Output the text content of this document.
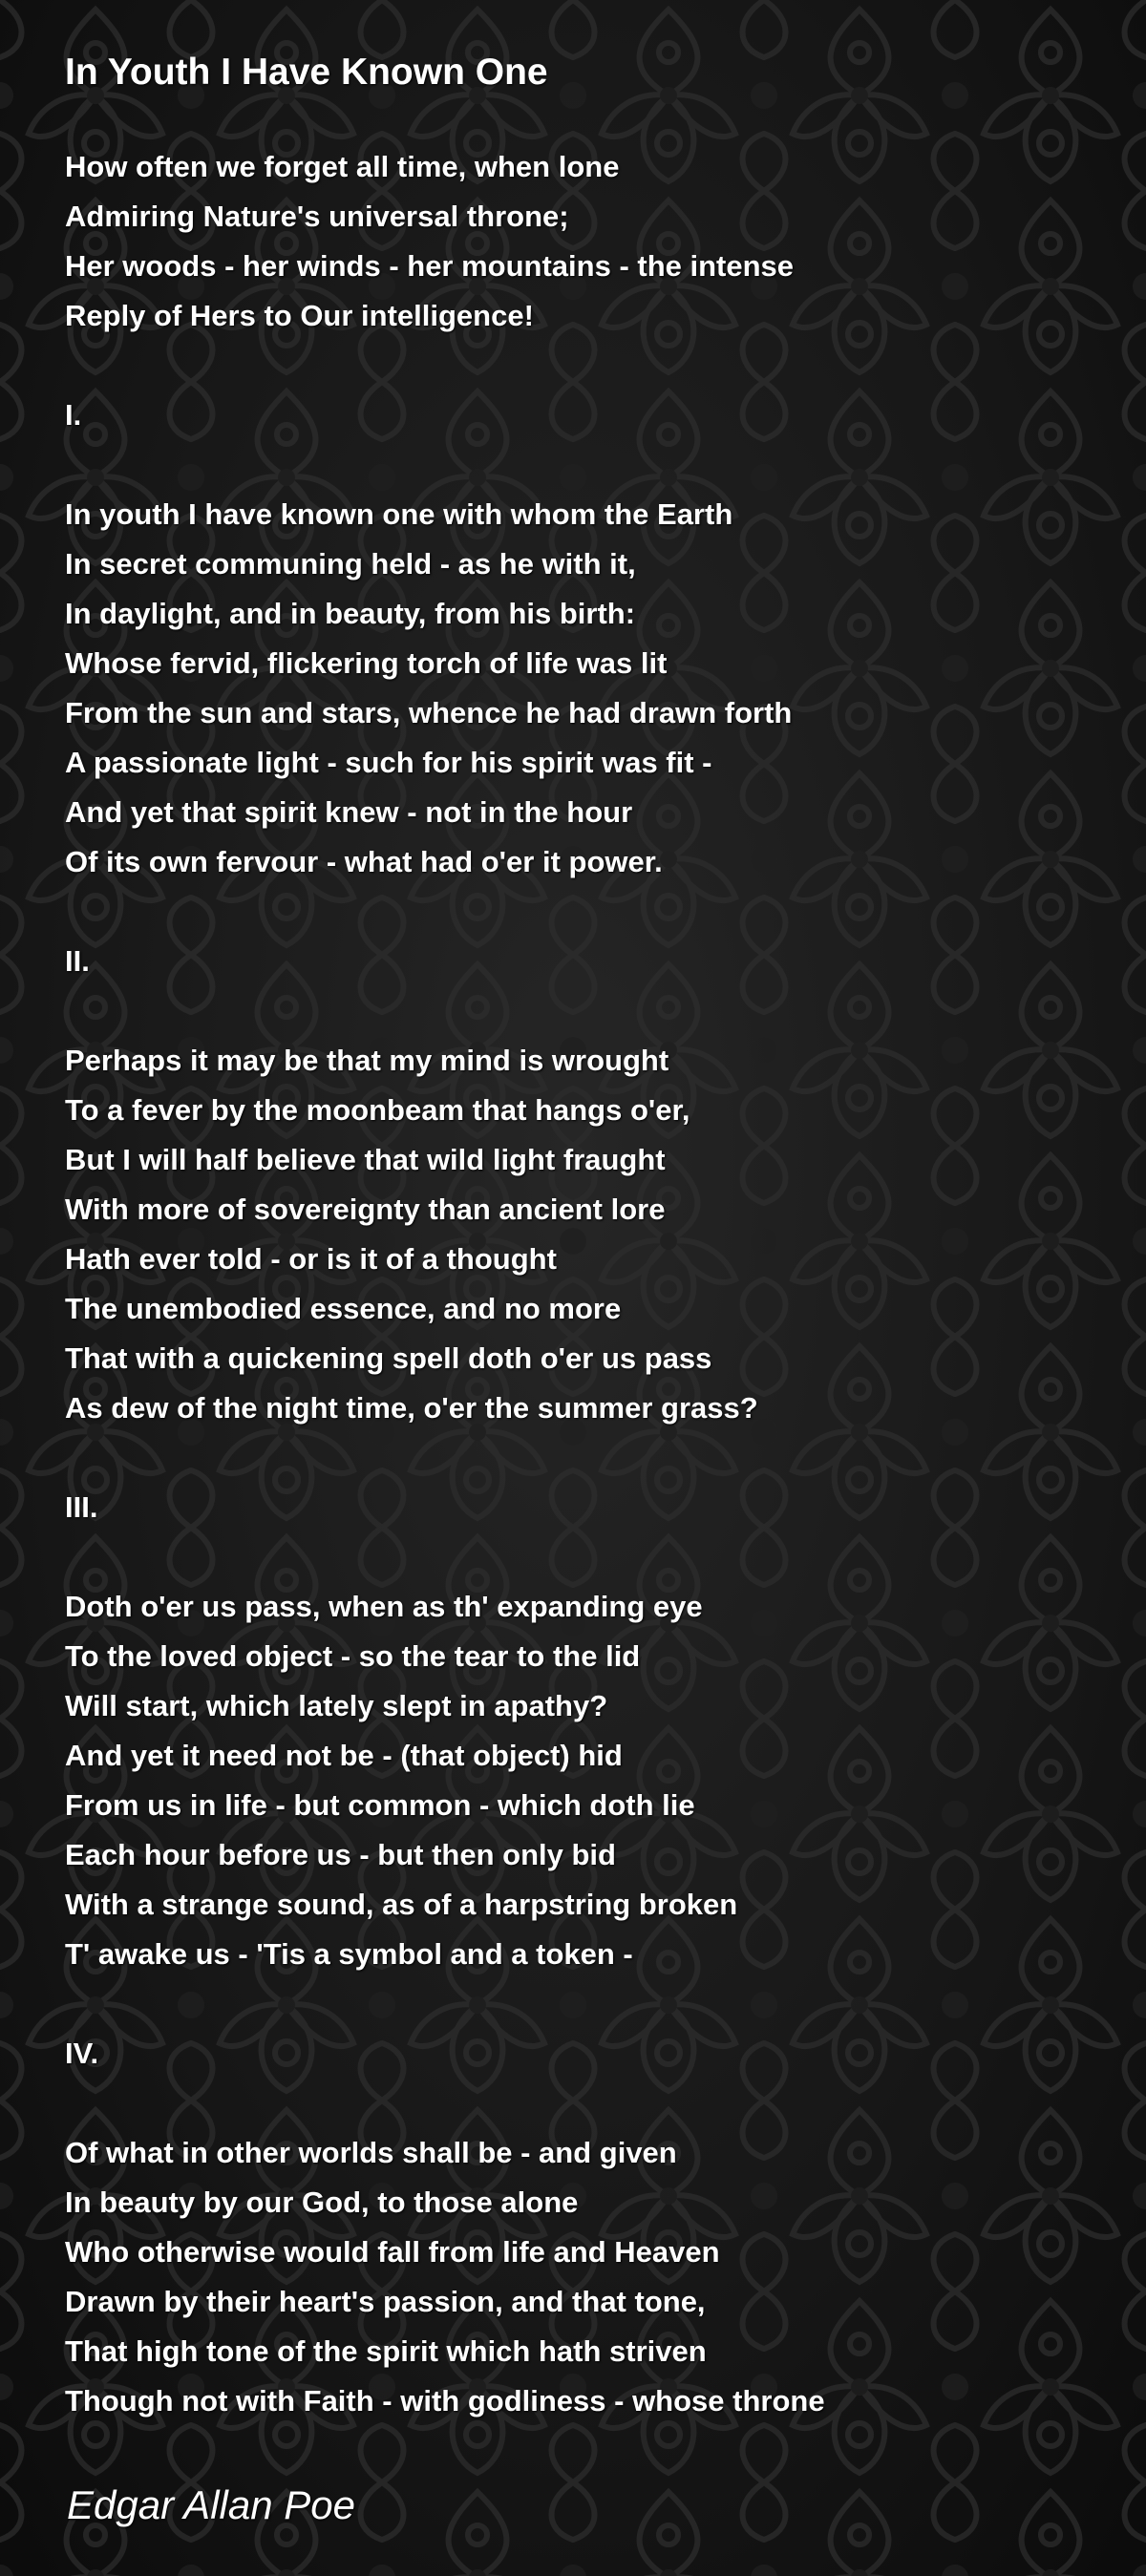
In Youth I Have Known One
How often we forget all time, when lone
Admiring Nature's universal throne;
Her woods - her winds - her mountains - the intense
Reply of Hers to Our intelligence!
I.
In youth I have known one with whom the Earth
In secret communing held - as he with it,
In daylight, and in beauty, from his birth:
Whose fervid, flickering torch of life was lit
From the sun and stars, whence he had drawn forth
A passionate light - such for his spirit was fit -
And yet that spirit knew - not in the hour
Of its own fervour - what had o'er it power.
II.
Perhaps it may be that my mind is wrought
To a fever by the moonbeam that hangs o'er,
But I will half believe that wild light fraught
With more of sovereignty than ancient lore
Hath ever told - or is it of a thought
The unembodied essence, and no more
That with a quickening spell doth o'er us pass
As dew of the night time, o'er the summer grass?
III.
Doth o'er us pass, when as th' expanding eye
To the loved object - so the tear to the lid
Will start, which lately slept in apathy?
And yet it need not be - (that object) hid
From us in life - but common - which doth lie
Each hour before us - but then only bid
With a strange sound, as of a harpstring broken
T' awake us - 'Tis a symbol and a token -
IV.
Of what in other worlds shall be - and given
In beauty by our God, to those alone
Who otherwise would fall from life and Heaven
Drawn by their heart's passion, and that tone,
That high tone of the spirit which hath striven
Though not with Faith - with godliness - whose throne
Edgar Allan Poe
